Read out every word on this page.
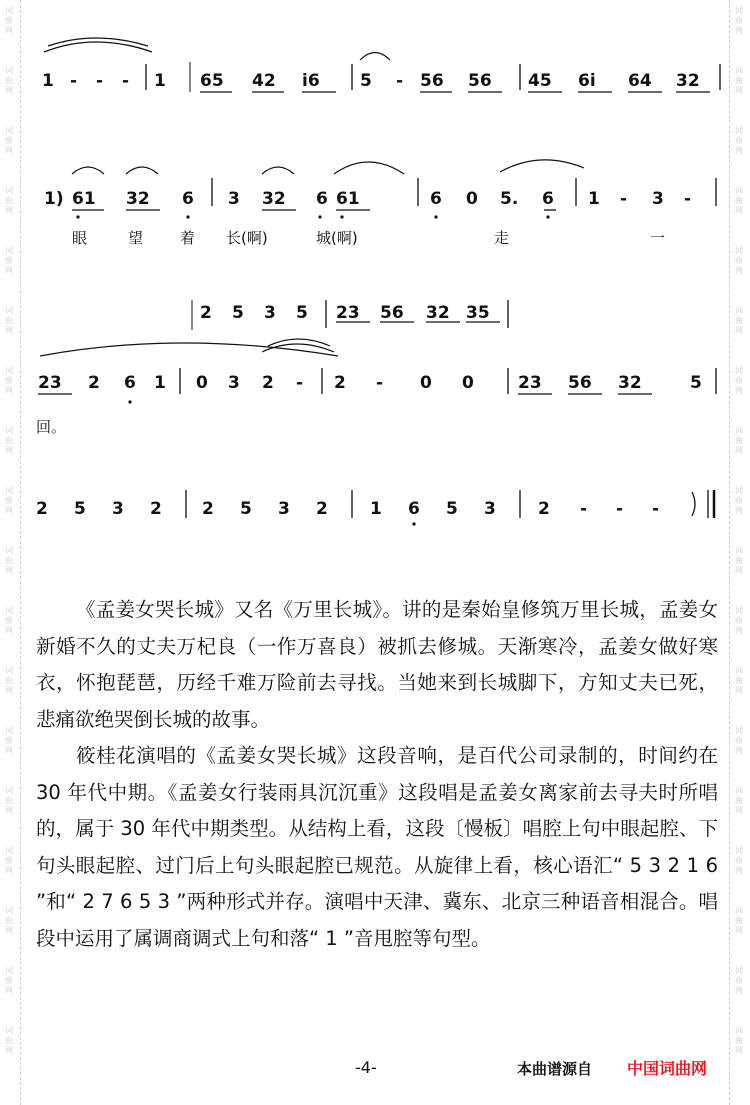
词 曲 网
词 曲 网
词 曲 网
词 曲 网
词 曲 网
词 曲 网
词 曲 网
词 曲 网
词 曲 网
词 曲 网
词 曲 网
词 曲 网
词 曲 网
词 曲 网
词 曲 网
词 曲 网
词 曲 网
词 曲 网
词 曲 网
词 曲 网
词 曲 网
词 曲 网
词 曲 网
词 曲 网
词 曲 网
词 曲 网
词 曲 网
词 曲 网
词 曲 网
词 曲 网
词 曲 网
词 曲 网
词 曲 网
词 曲 网
词 曲 网
词 曲 网
1 - - - 1 65 42 i6 5 - 56 56 45 6i 64 32
1) 61 32 6 3 32 6 61	6 0 5. 6 1 - 3 -
眼	望 着 长(啊)	城(啊)	走	一
2 5 3 5 23 56 32 35
23 2 6 1 0 3 2 - 2 - 0 0	23 56 32	5
回。
2 5 3 2 2 5 3 2 1 6 5 3 2 - - -

《孟姜女哭长城》又名《万里长城》。讲的是秦始皇修筑万里长城，孟姜女新婚不久的丈夫万杞良（一作万喜良）被抓去修城。天渐寒冷，孟姜女做好寒衣，怀抱琵琶，历经千难万险前去寻找。当她来到长城脚下，方知丈夫已死，悲痛欲绝哭倒长城的故事。

筱桂花演唱的《孟姜女哭长城》这段音响，是百代公司录制的，时间约在 30 年代中期。《孟姜女行装雨具沉沉重》这段唱是孟姜女离家前去寻夫时所唱的，属于 30 年代中期类型。从结构上看，这段〔慢板〕唱腔上句中眼起腔、下句头眼起腔、过门后上句头眼起腔已规范。从旋律上看，核心语汇“ 5 3 2 1 6 ”和“ 2 7 6 5 3 ”两种形式并存。演唱中天津、冀东、北京三种语音相混合。唱段中运用了属调商调式上句和落“ 1 ”音甩腔等句型。

-4-	本曲谱源自 中国词曲网
